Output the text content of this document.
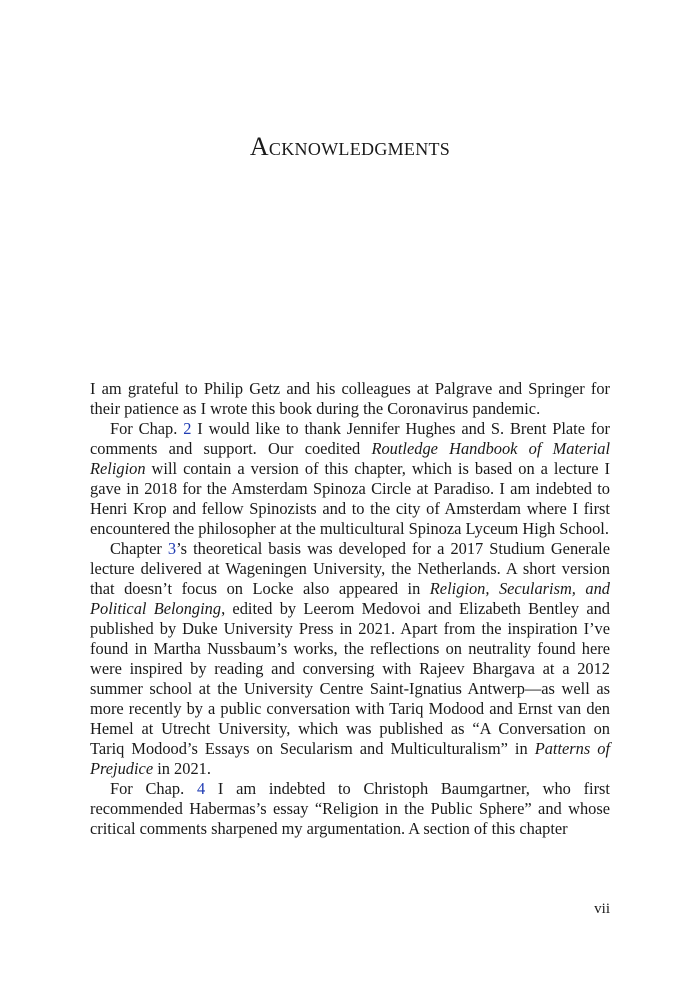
Acknowledgments

I am grateful to Philip Getz and his colleagues at Palgrave and Springer for their patience as I wrote this book during the Coronavirus pandemic.

For Chap. 2 I would like to thank Jennifer Hughes and S. Brent Plate for comments and support. Our coedited Routledge Handbook of Material Religion will contain a version of this chapter, which is based on a lecture I gave in 2018 for the Amsterdam Spinoza Circle at Paradiso. I am indebted to Henri Krop and fellow Spinozists and to the city of Amsterdam where I first encountered the philosopher at the multicultural Spinoza Lyceum High School.

Chapter 3’s theoretical basis was developed for a 2017 Studium Generale lecture delivered at Wageningen University, the Netherlands. A short version that doesn’t focus on Locke also appeared in Religion, Secularism, and Political Belonging, edited by Leerom Medovoi and Elizabeth Bentley and published by Duke University Press in 2021. Apart from the inspiration I’ve found in Martha Nussbaum’s works, the reflections on neutrality found here were inspired by reading and conversing with Rajeev Bhargava at a 2012 summer school at the University Centre Saint-Ignatius Antwerp—as well as more recently by a public conversation with Tariq Modood and Ernst van den Hemel at Utrecht University, which was published as “A Conversation on Tariq Modood’s Essays on Secularism and Multiculturalism” in Patterns of Prejudice in 2021.

For Chap. 4 I am indebted to Christoph Baumgartner, who first recommended Habermas’s essay “Religion in the Public Sphere” and whose critical comments sharpened my argumentation. A section of this chapter

vii
